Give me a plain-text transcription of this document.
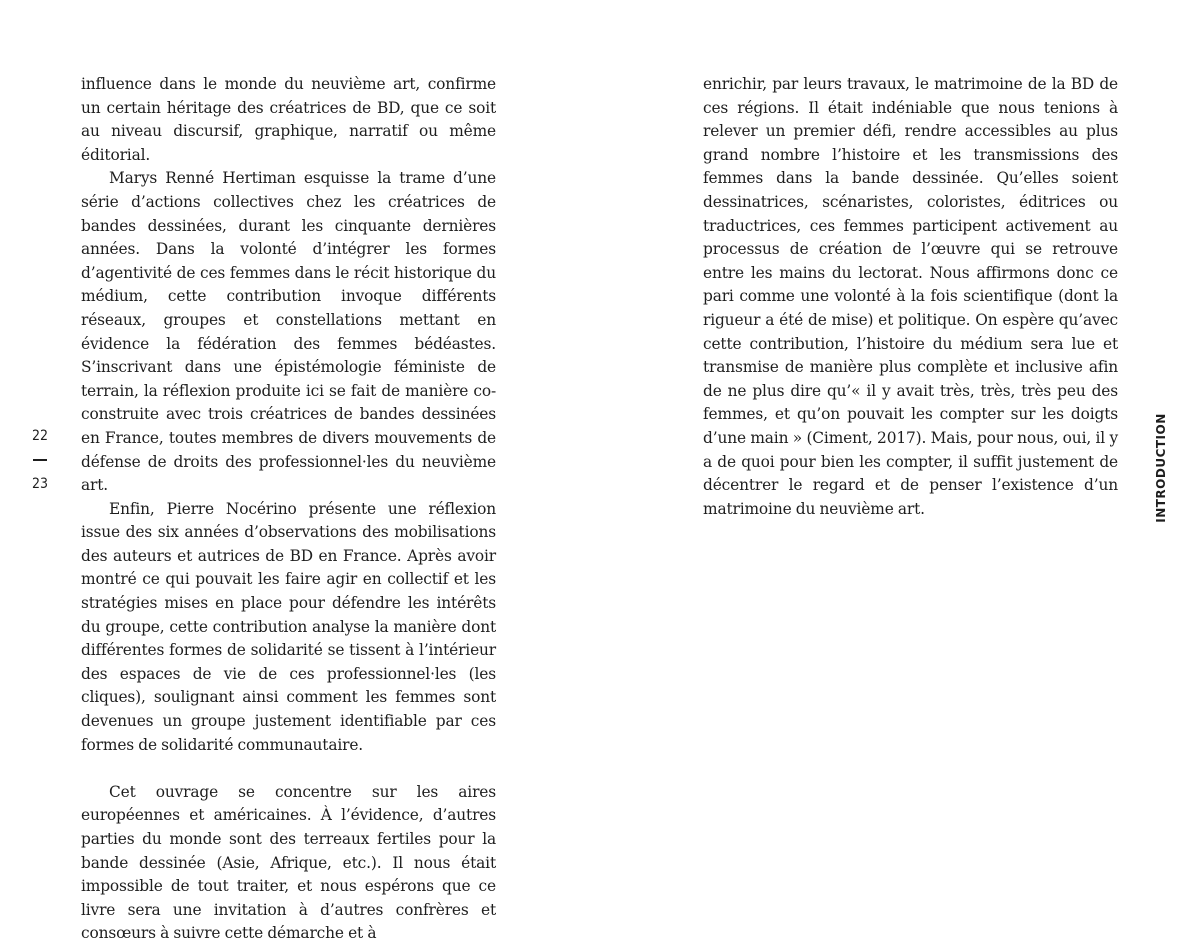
influence dans le monde du neuvième art, confirme un certain héritage des créatrices de BD, que ce soit au niveau discursif, graphique, narratif ou même éditorial.

Marys Renné Hertiman esquisse la trame d’une série d’actions collectives chez les créatrices de bandes dessinées, durant les cinquante dernières années. Dans la volonté d’intégrer les formes d’agentivité de ces femmes dans le récit historique du médium, cette contribution invoque différents réseaux, groupes et constellations mettant en évidence la fédération des femmes bédéastes. S’inscrivant dans une épistémologie féministe de terrain, la réflexion produite ici se fait de manière co-construite avec trois créatrices de bandes dessinées en France, toutes membres de divers mouvements de défense de droits des professionnel·les du neuvième art.

Enfin, Pierre Nocérino présente une réflexion issue des six années d’observations des mobilisations des auteurs et autrices de BD en France. Après avoir montré ce qui pouvait les faire agir en collectif et les stratégies mises en place pour défendre les intérêts du groupe, cette contribution analyse la manière dont différentes formes de solidarité se tissent à l’intérieur des espaces de vie de ces professionnel·les (les cliques), soulignant ainsi comment les femmes sont devenues un groupe justement identifiable par ces formes de solidarité communautaire.

Cet ouvrage se concentre sur les aires européennes et américaines. À l’évidence, d’autres parties du monde sont des terreaux fertiles pour la bande dessinée (Asie, Afrique, etc.). Il nous était impossible de tout traiter, et nous espérons que ce livre sera une invitation à d’autres confrères et consœurs à suivre cette démarche et à

22
23

enrichir, par leurs travaux, le matrimoine de la BD de ces régions. Il était indéniable que nous tenions à relever un premier défi, rendre accessibles au plus grand nombre l’histoire et les transmissions des femmes dans la bande dessinée. Qu’elles soient dessinatrices, scénaristes, coloristes, éditrices ou traductrices, ces femmes participent activement au processus de création de l’œuvre qui se retrouve entre les mains du lectorat. Nous affirmons donc ce pari comme une volonté à la fois scientifique (dont la rigueur a été de mise) et politique. On espère qu’avec cette contribution, l’histoire du médium sera lue et transmise de manière plus complète et inclusive afin de ne plus dire qu’« il y avait très, très, très peu des femmes, et qu’on pouvait les compter sur les doigts d’une main » (Ciment, 2017). Mais, pour nous, oui, il y a de quoi pour bien les compter, il suffit justement de décentrer le regard et de penser l’existence d’un matrimoine du neuvième art.	INTRODUCTION
